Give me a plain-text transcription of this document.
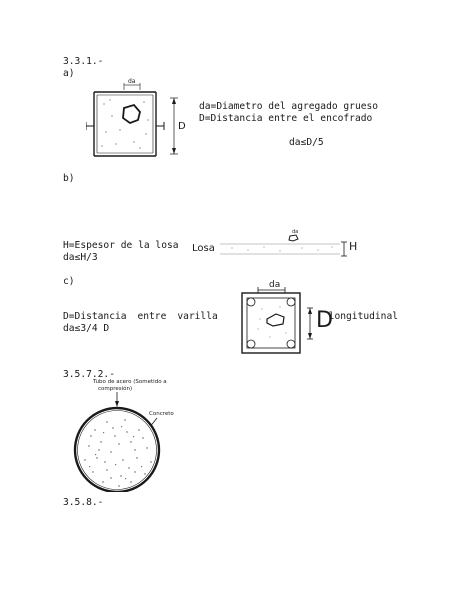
3.3.1.-
a)
da
D
da=Diametro del agregado grueso
D=Distancia entre el encofrado
da≤D/5
b)
H=Espesor de la losa
da≤H/3
Losa
da
H
c)	da
D
D=Distancia entre varilla	longitudinal
da≤3/4 D
3.5.7.2.-
Tubo de acero (Sometido a
compresión)
Concreto
3.5.8.-
